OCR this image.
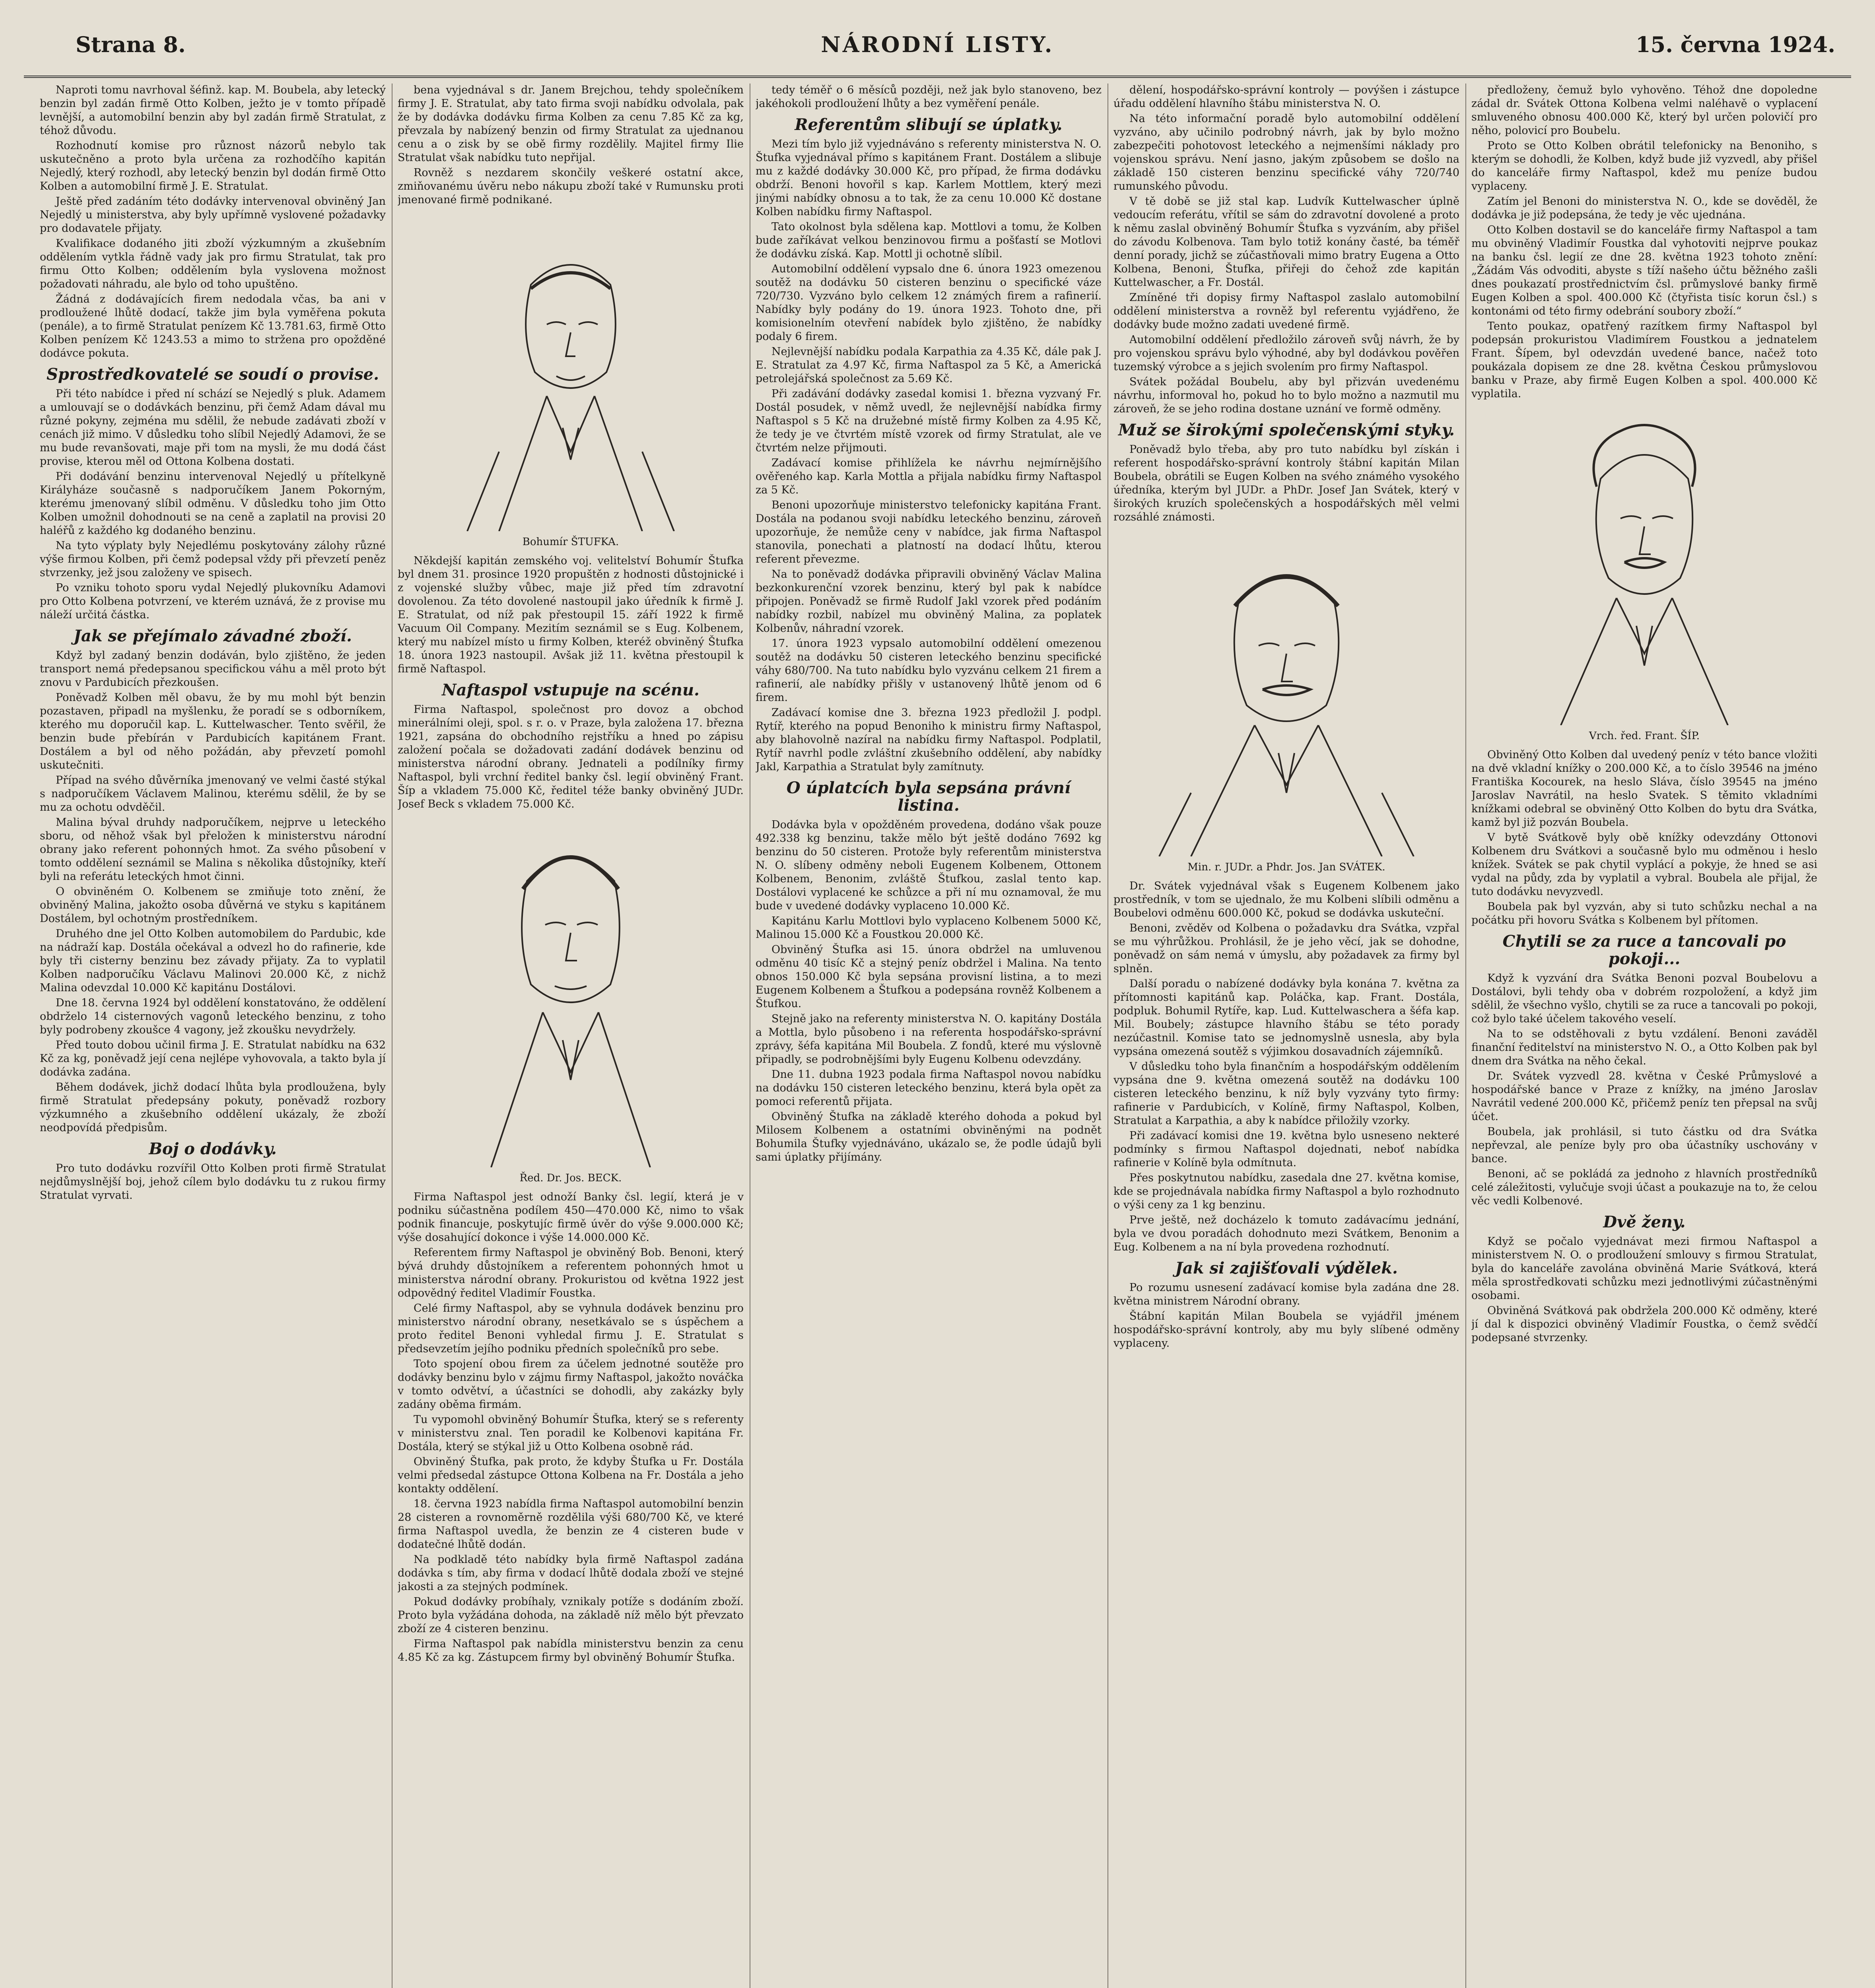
Strana 8.	NÁRODNÍ LISTY.	15. června 1924.

Naproti tomu navrhoval šéfinž. kap. M. Boubela, aby letecký benzin byl zadán firmě Otto Kolben, ježto je v tomto případě levnější, a automobilní benzin aby byl zadán firmě Stratulat, z téhož důvodu.

Rozhodnutí komise pro různost názorů nebylo tak uskutečněno a proto byla určena za rozhodčího kapitán Nejedlý, který rozhodl, aby letecký benzin byl dodán firmě Otto Kolben a automobilní firmě J. E. Stratulat.

Ještě před zadáním této dodávky intervenoval obviněný Jan Nejedlý u ministerstva, aby byly upřímně vyslovené požadavky pro dodavatele přijaty.

Kvalifikace dodaného jiti zboží výzkumným a zkušebním oddělením vytkla řádně vady jak pro firmu Stratulat, tak pro firmu Otto Kolben; oddělením byla vyslovena možnost požadovati náhradu, ale bylo od toho upuštěno.

Žádná z dodávajících firem nedodala včas, ba ani v prodloužené lhůtě dodací, takže jim byla vyměřena pokuta (penále), a to firmě Stratulat penízem Kč 13.781.63, firmě Otto Kolben penízem Kč 1243.53 a mimo to stržena pro opožděné dodávce pokuta.

Sprostředkovatelé se soudí o provise.

Při této nabídce i před ní schází se Nejedlý s pluk. Adamem a umlouvají se o dodávkách benzinu, při čemž Adam dával mu různé pokyny, zejména mu sdělil, že nebude zadávati zboží v cenách již mimo. V důsledku toho slíbil Nejedlý Adamovi, že se mu bude revanšovati, maje při tom na mysli, že mu dodá část provise, kterou měl od Ottona Kolbena dostati.

Při dodávání benzinu intervenoval Nejedlý u přítelkyně Királyháze současně s nadporučíkem Janem Pokorným, kterému jmenovaný slíbil odměnu. V důsledku toho jim Otto Kolben umožnil dohodnouti se na ceně a zaplatil na provisi 20 haléřů z každého kg dodaného benzinu.

Na tyto výplaty byly Nejedlému poskytovány zálohy různé výše firmou Kolben, při čemž podepsal vždy při převzetí peněz stvrzenky, jež jsou založeny ve spisech.

Po vzniku tohoto sporu vydal Nejedlý plukovníku Adamovi pro Otto Kolbena potvrzení, ve kterém uznává, že z provise mu náleží určitá částka.

Jak se přejímalo závadné zboží.

Když byl zadaný benzin dodáván, bylo zjištěno, že jeden transport nemá předepsanou specifickou váhu a měl proto být znovu v Pardubicích přezkoušen.

Poněvadž Kolben měl obavu, že by mu mohl být benzin pozastaven, připadl na myšlenku, že poradí se s odborníkem, kterého mu doporučil kap. L. Kuttelwascher. Tento svěřil, že benzin bude přebírán v Pardubicích kapitánem Frant. Dostálem a byl od něho požádán, aby převzetí pomohl uskutečniti.

Případ na svého důvěrníka jmenovaný ve velmi časté stýkal s nadporučíkem Václavem Malinou, kterému sdělil, že by se mu za ochotu odvděčil.

Malina býval druhdy nadporučíkem, nejprve u leteckého sboru, od něhož však byl přeložen k ministerstvu národní obrany jako referent pohonných hmot. Za svého působení v tomto oddělení seznámil se Malina s několika důstojníky, kteří byli na referátu leteckých hmot činni.

O obviněném O. Kolbenem se zmiňuje toto znění, že obviněný Malina, jakožto osoba důvěrná ve styku s kapitánem Dostálem, byl ochotným prostředníkem.

Druhého dne jel Otto Kolben automobilem do Pardubic, kde na nádraží kap. Dostála očekával a odvezl ho do rafinerie, kde byly tři cisterny benzinu bez závady přijaty. Za to vyplatil Kolben nadporučíku Václavu Malinovi 20.000 Kč, z nichž Malina odevzdal 10.000 Kč kapitánu Dostálovi.

Dne 18. června 1924 byl oddělení konstatováno, že oddělení obdrželo 14 cisternových vagonů leteckého benzinu, z toho byly podrobeny zkoušce 4 vagony, jež zkoušku nevydržely.

Před touto dobou učinil firma J. E. Stratulat nabídku na 632 Kč za kg, poněvadž její cena nejlépe vyhovovala, a takto byla jí dodávka zadána.

Během dodávek, jichž dodací lhůta byla prodloužena, byly firmě Stratulat předepsány pokuty, poněvadž rozbory výzkumného a zkušebního oddělení ukázaly, že zboží neodpovídá předpisům.

Boj o dodávky.

Pro tuto dodávku rozvířil Otto Kolben proti firmě Stratulat nejdůmyslnější boj, jehož cílem bylo dodávku tu z rukou firmy Stratulat vyrvati.

bena vyjednával s dr. Janem Brejchou, tehdy společníkem firmy J. E. Stratulat, aby tato firma svoji nabídku odvolala, pak že by dodávka dodávku firma Kolben za cenu 7.85 Kč za kg, převzala by nabízený benzin od firmy Stratulat za ujednanou cenu a o zisk by se obě firmy rozdělily. Majitel firmy Ilie Stratulat však nabídku tuto nepřijal.

Rovněž s nezdarem skončily veškeré ostatní akce, zmiňovanému úvěru nebo nákupu zboží také v Rumunsku proti jmenované firmě podnikané.

Bohumír ŠTUFKA.

Někdejší kapitán zemského voj. velitelství Bohumír Štufka byl dnem 31. prosince 1920 propuštěn z hodnosti důstojnické i z vojenské služby vůbec, maje již před tím zdravotní dovolenou. Za této dovolené nastoupil jako úředník k firmě J. E. Stratulat, od níž pak přestoupil 15. září 1922 k firmě Vacuum Oil Company. Mezitím seznámil se s Eug. Kolbenem, který mu nabízel místo u firmy Kolben, kteréž obviněný Štufka 18. února 1923 nastoupil. Avšak již 11. května přestoupil k firmě Naftaspol.

Naftaspol vstupuje na scénu.

Firma Naftaspol, společnost pro dovoz a obchod minerálními oleji, spol. s r. o. v Praze, byla založena 17. března 1921, zapsána do obchodního rejstříku a hned po zápisu založení počala se dožadovati zadání dodávek benzinu od ministerstva národní obrany. Jednateli a podílníky firmy Naftaspol, byli vrchní ředitel banky čsl. legií obviněný Frant. Šíp a vkladem 75.000 Kč, ředitel téže banky obviněný JUDr. Josef Beck s vkladem 75.000 Kč.

Řed. Dr. Jos. BECK.

Firma Naftaspol jest odnoží Banky čsl. legií, která je v podniku súčastněna podílem 450—470.000 Kč, nimo to však podnik financuje, poskytujíc firmě úvěr do výše 9.000.000 Kč; výše dosahující dokonce i výše 14.000.000 Kč.

Referentem firmy Naftaspol je obviněný Bob. Benoni, který bývá druhdy důstojníkem a referentem pohonných hmot u ministerstva národní obrany. Prokuristou od května 1922 jest odpovědný ředitel Vladimír Foustka.

Celé firmy Naftaspol, aby se vyhnula dodávek benzinu pro ministerstvo národní obrany, nesetkávalo se s úspěchem a proto ředitel Benoni vyhledal firmu J. E. Stratulat s předsevzetím jejího podniku předních společníků pro sebe.

Toto spojení obou firem za účelem jednotné soutěže pro dodávky benzinu bylo v zájmu firmy Naftaspol, jakožto nováčka v tomto odvětví, a účastníci se dohodli, aby zakázky byly zadány oběma firmám.

Tu vypomohl obviněný Bohumír Štufka, který se s referenty v ministerstvu znal. Ten poradil ke Kolbenovi kapitána Fr. Dostála, který se stýkal již u Otto Kolbena osobně rád.

Obviněný Štufka, pak proto, že kdyby Štufka u Fr. Dostála velmi předsedal zástupce Ottona Kolbena na Fr. Dostála a jeho kontakty oddělení.

18. června 1923 nabídla firma Naftaspol automobilní benzin 28 cisteren a rovnoměrně rozdělila výši 680/700 Kč, ve které firma Naftaspol uvedla, že benzin ze 4 cisteren bude v dodatečné lhůtě dodán.

Na podkladě této nabídky byla firmě Naftaspol zadána dodávka s tím, aby firma v dodací lhůtě dodala zboží ve stejné jakosti a za stejných podmínek.

Pokud dodávky probíhaly, vznikaly potíže s dodáním zboží. Proto byla vyžádána dohoda, na základě níž mělo být převzato zboží ze 4 cisteren benzinu.

Firma Naftaspol pak nabídla ministerstvu benzin za cenu 4.85 Kč za kg. Zástupcem firmy byl obviněný Bohumír Štufka.

tedy téměř o 6 měsíců později, než jak bylo stanoveno, bez jakéhokoli prodloužení lhůty a bez vyměření penále.

Referentům slibují se úplatky.

Mezi tím bylo již vyjednáváno s referenty ministerstva N. O. Štufka vyjednával přímo s kapitánem Frant. Dostálem a slibuje mu z každé dodávky 30.000 Kč, pro případ, že firma dodávku obdrží. Benoni hovořil s kap. Karlem Mottlem, který mezi jinými nabídky obnosu a to tak, že za cenu 10.000 Kč dostane Kolben nabídku firmy Naftaspol.

Tato okolnost byla sdělena kap. Mottlovi a tomu, že Kolben bude zaříkávat velkou benzinovou firmu a pošťastí se Motlovi že dodávku získá. Kap. Mottl ji ochotně slíbil.

Automobilní oddělení vypsalo dne 6. února 1923 omezenou soutěž na dodávku 50 cisteren benzinu o specifické váze 720/730. Vyzváno bylo celkem 12 známých firem a rafinerií. Nabídky byly podány do 19. února 1923. Tohoto dne, při komisionelním otevření nabídek bylo zjištěno, že nabídky podaly 6 firem.

Nejlevnější nabídku podala Karpathia za 4.35 Kč, dále pak J. E. Stratulat za 4.97 Kč, firma Naftaspol za 5 Kč, a Americká petrolejářská společnost za 5.69 Kč.

Při zadávání dodávky zasedal komisi 1. března vyzvaný Fr. Dostál posudek, v němž uvedl, že nejlevnější nabídka firmy Naftaspol s 5 Kč na družebné místě firmy Kolben za 4.95 Kč, že tedy je ve čtvrtém místě vzorek od firmy Stratulat, ale ve čtvrtém nelze přijmouti.

Zadávací komise přihlížela ke návrhu nejmírnějšího ověřeného kap. Karla Mottla a přijala nabídku firmy Naftaspol za 5 Kč.

Benoni upozorňuje ministerstvo telefonicky kapitána Frant. Dostála na podanou svoji nabídku leteckého benzinu, zároveň upozorňuje, že nemůže ceny v nabídce, jak firma Naftaspol stanovila, ponechati a platností na dodací lhůtu, kterou referent převezme.

Na to poněvadž dodávka připravili obviněný Václav Malina bezkonkurenční vzorek benzinu, který byl pak k nabídce připojen. Poněvadž se firmě Rudolf Jakl vzorek před podáním nabídky rozbil, nabízel mu obviněný Malina, za poplatek Kolbenův, náhradní vzorek.

17. února 1923 vypsalo automobilní oddělení omezenou soutěž na dodávku 50 cisteren leteckého benzinu specifické váhy 680/700. Na tuto nabídku bylo vyzvánu celkem 21 firem a rafinerií, ale nabídky přišly v ustanovený lhůtě jenom od 6 firem.

Zadávací komise dne 3. března 1923 předložil J. podpl. Rytíř, kterého na popud Benoniho k ministru firmy Naftaspol, aby blahovolně nazíral na nabídku firmy Naftaspol. Podplatil, Rytíř navrhl podle zvláštní zkušebního oddělení, aby nabídky Jakl, Karpathia a Stratulat byly zamítnuty.

O úplatcích byla sepsána právní listina.

Dodávka byla v opožděném provedena, dodáno však pouze 492.338 kg benzinu, takže mělo být ještě dodáno 7692 kg benzinu do 50 cisteren. Protože byly referentům ministerstva N. O. slíbeny odměny neboli Eugenem Kolbenem, Ottonem Kolbenem, Benonim, zvláště Štufkou, zaslal tento kap. Dostálovi vyplacené ke schůzce a při ní mu oznamoval, že mu bude v uvedené dodávky vyplaceno 10.000 Kč.

Kapitánu Karlu Mottlovi bylo vyplaceno Kolbenem 5000 Kč, Malinou 15.000 Kč a Foustkou 20.000 Kč.

Obviněný Štufka asi 15. února obdržel na umluvenou odměnu 40 tisíc Kč a stejný peníz obdržel i Malina. Na tento obnos 150.000 Kč byla sepsána provisní listina, a to mezi Eugenem Kolbenem a Štufkou a podepsána rovněž Kolbenem a Štufkou.

Stejně jako na referenty ministerstva N. O. kapitány Dostála a Mottla, bylo působeno i na referenta hospodářsko-správní zprávy, šéfa kapitána Mil Boubela. Z fondů, které mu výslovně připadly, se podrobnějšími byly Eugenu Kolbenu odevzdány.

Dne 11. dubna 1923 podala firma Naftaspol novou nabídku na dodávku 150 cisteren leteckého benzinu, která byla opět za pomoci referentů přijata.

Obviněný Štufka na základě kterého dohoda a pokud byl Milosem Kolbenem a ostatními obviněnými na podnět Bohumila Štufky vyjednáváno, ukázalo se, že podle údajů byli sami úplatky přijímány.

dělení, hospodářsko-správní kontroly — povýšen i zástupce úřadu oddělení hlavního štábu ministerstva N. O.

Na této informační poradě bylo automobilní oddělení vyzváno, aby učinilo podrobný návrh, jak by bylo možno zabezpečiti pohotovost leteckého a nejmenšími náklady pro vojenskou správu. Není jasno, jakým způsobem se došlo na základě 150 cisteren benzinu specifické váhy 720/740 rumunského původu.

V tě době se již stal kap. Ludvík Kuttelwascher úplně vedoucím referátu, vřítil se sám do zdravotní dovolené a proto k němu zaslal obviněný Bohumír Štufka s vyzváním, aby přišel do závodu Kolbenova. Tam bylo totiž konány časté, ba téměř denní porady, jichž se zúčastňovali mimo bratry Eugena a Otto Kolbena, Benoni, Štufka, přiřeji do čehož zde kapitán Kuttelwascher, a Fr. Dostál.

Zmíněné tři dopisy firmy Naftaspol zaslalo automobilní oddělení ministerstva a rovněž byl referentu vyjádřeno, že dodávky bude možno zadati uvedené firmě.

Automobilní oddělení předložilo zároveň svůj návrh, že by pro vojenskou správu bylo výhodné, aby byl dodávkou pověřen tuzemský výrobce a s jejich svolením pro firmy Naftaspol.

Svátek požádal Boubelu, aby byl přizván uvedenému návrhu, informoval ho, pokud ho to bylo možno a nazmutil mu zároveň, že se jeho rodina dostane uznání ve formě odměny.

Muž se širokými společenskými styky.

Poněvadž bylo třeba, aby pro tuto nabídku byl získán i referent hospodářsko-správní kontroly štábní kapitán Milan Boubela, obrátili se Eugen Kolben na svého známého vysokého úředníka, kterým byl JUDr. a PhDr. Josef Jan Svátek, který v širokých kruzích společenských a hospodářských měl velmi rozsáhlé známosti.

Min. r. JUDr. a Phdr. Jos. Jan SVÁTEK.

Dr. Svátek vyjednával však s Eugenem Kolbenem jako prostředník, v tom se ujednalo, že mu Kolbeni slíbili odměnu a Boubelovi odměnu 600.000 Kč, pokud se dodávka uskuteční.

Benoni, zvěděv od Kolbena o požadavku dra Svátka, vzpřal se mu výhrůžkou. Prohlásil, že je jeho věcí, jak se dohodne, poněvadž on sám nemá v úmyslu, aby požadavek za firmy byl splněn.

Další poradu o nabízené dodávky byla konána 7. května za přítomnosti kapitánů kap. Poláčka, kap. Frant. Dostála, podpluk. Bohumil Rytíře, kap. Lud. Kuttelwaschera a šéfa kap. Mil. Boubely; zástupce hlavního štábu se této porady nezúčastnil. Komise tato se jednomyslně usnesla, aby byla vypsána omezená soutěž s výjimkou dosavadních zájemníků.

V důsledku toho byla finančním a hospodářským oddělením vypsána dne 9. května omezená soutěž na dodávku 100 cisteren leteckého benzinu, k níž byly vyzvány tyto firmy: rafinerie v Pardubicích, v Kolíně, firmy Naftaspol, Kolben, Stratulat a Karpathia, a aby k nabídce přiložily vzorky.

Při zadávací komisi dne 19. května bylo usneseno nekteré podmínky s firmou Naftaspol dojednati, neboť nabídka rafinerie v Kolíně byla odmítnuta.

Přes poskytnutou nabídku, zasedala dne 27. května komise, kde se projednávala nabídka firmy Naftaspol a bylo rozhodnuto o výši ceny za 1 kg benzinu.

Prve ještě, než docházelo k tomuto zadávacímu jednání, byla ve dvou poradách dohodnuto mezi Svátkem, Benonim a Eug. Kolbenem a na ní byla provedena rozhodnutí.

Jak si zajišťovali výdělek.

Po rozumu usnesení zadávací komise byla zadána dne 28. května ministrem Národní obrany.

Štábní kapitán Milan Boubela se vyjádřil jménem hospodářsko-správní kontroly, aby mu byly slíbené odměny vyplaceny.

předloženy, čemuž bylo vyhověno. Téhož dne dopoledne zádal dr. Svátek Ottona Kolbena velmi naléhavě o vyplacení smluveného obnosu 400.000 Kč, který byl určen polovičí pro něho, polovicí pro Boubelu.

Proto se Otto Kolben obrátil telefonicky na Benoniho, s kterým se dohodli, že Kolben, když bude již vyzvedl, aby přišel do kanceláře firmy Naftaspol, kdež mu peníze budou vyplaceny.

Zatím jel Benoni do ministerstva N. O., kde se dověděl, že dodávka je již podepsána, že tedy je věc ujednána.

Otto Kolben dostavil se do kanceláře firmy Naftaspol a tam mu obviněný Vladimír Foustka dal vyhotoviti nejprve poukaz na banku čsl. legií ze dne 28. května 1923 tohoto znění: „Žádám Vás odvoditi, abyste s tíží našeho účtu běžného zašli dnes poukazatí prostřednictvím čsl. průmyslové banky firmě Eugen Kolben a spol. 400.000 Kč (čtyřista tisíc korun čsl.) s kontonámi od této firmy odebrání soubory zboží.“

Tento poukaz, opatřený razítkem firmy Naftaspol byl podepsán prokuristou Vladimírem Foustkou a jednatelem Frant. Šípem, byl odevzdán uvedené bance, načež toto poukázala dopisem ze dne 28. května Českou průmyslovou banku v Praze, aby firmě Eugen Kolben a spol. 400.000 Kč vyplatila.

Vrch. řed. Frant. ŠÍP.

Obviněný Otto Kolben dal uvedený peníz v této bance vložiti na dvě vkladní knížky o 200.000 Kč, a to číslo 39546 na jméno Františka Kocourek, na heslo Sláva, číslo 39545 na jméno Jaroslav Navrátil, na heslo Svatek. S těmito vkladními knížkami odebral se obviněný Otto Kolben do bytu dra Svátka, kamž byl již pozván Boubela.

V bytě Svátkově byly obě knížky odevzdány Ottonovi Kolbenem dru Svátkovi a současně bylo mu odměnou i heslo knížek. Svátek se pak chytil vyplácí a pokyje, že hned se asi vydal na půdy, zda by vyplatil a vybral. Boubela ale přijal, že tuto dodávku nevyzvedl.

Boubela pak byl vyzván, aby si tuto schůzku nechal a na počátku při hovoru Svátka s Kolbenem byl přítomen.

Chytili se za ruce a tancovali po pokoji...

Když k vyzvání dra Svátka Benoni pozval Boubelovu a Dostálovi, byli tehdy oba v dobrém rozpoložení, a když jim sdělil, že všechno vyšlo, chytili se za ruce a tancovali po pokoji, což bylo také účelem takového veselí.

Na to se odstěhovali z bytu vzdálení. Benoni zaváděl finanční ředitelství na ministerstvo N. O., a Otto Kolben pak byl dnem dra Svátka na něho čekal.

Dr. Svátek vyzvedl 28. května v České Průmyslové a hospodářské bance v Praze z knížky, na jméno Jaroslav Navrátil vedené 200.000 Kč, přičemž peníz ten přepsal na svůj účet.

Boubela, jak prohlásil, si tuto částku od dra Svátka nepřevzal, ale peníze byly pro oba účastníky uschovány v bance.

Benoni, ač se pokládá za jednoho z hlavních prostředníků celé záležitosti, vylučuje svoji účast a poukazuje na to, že celou věc vedli Kolbenové.

Dvě ženy.

Když se počalo vyjednávat mezi firmou Naftaspol a ministerstvem N. O. o prodloužení smlouvy s firmou Stratulat, byla do kanceláře zavolána obviněná Marie Svátková, která měla sprostředkovati schůzku mezi jednotlivými zúčastněnými osobami.

Obviněná Svátková pak obdržela 200.000 Kč odměny, které jí dal k dispozici obviněný Vladimír Foustka, o čemž svědčí podepsané stvrzenky.
